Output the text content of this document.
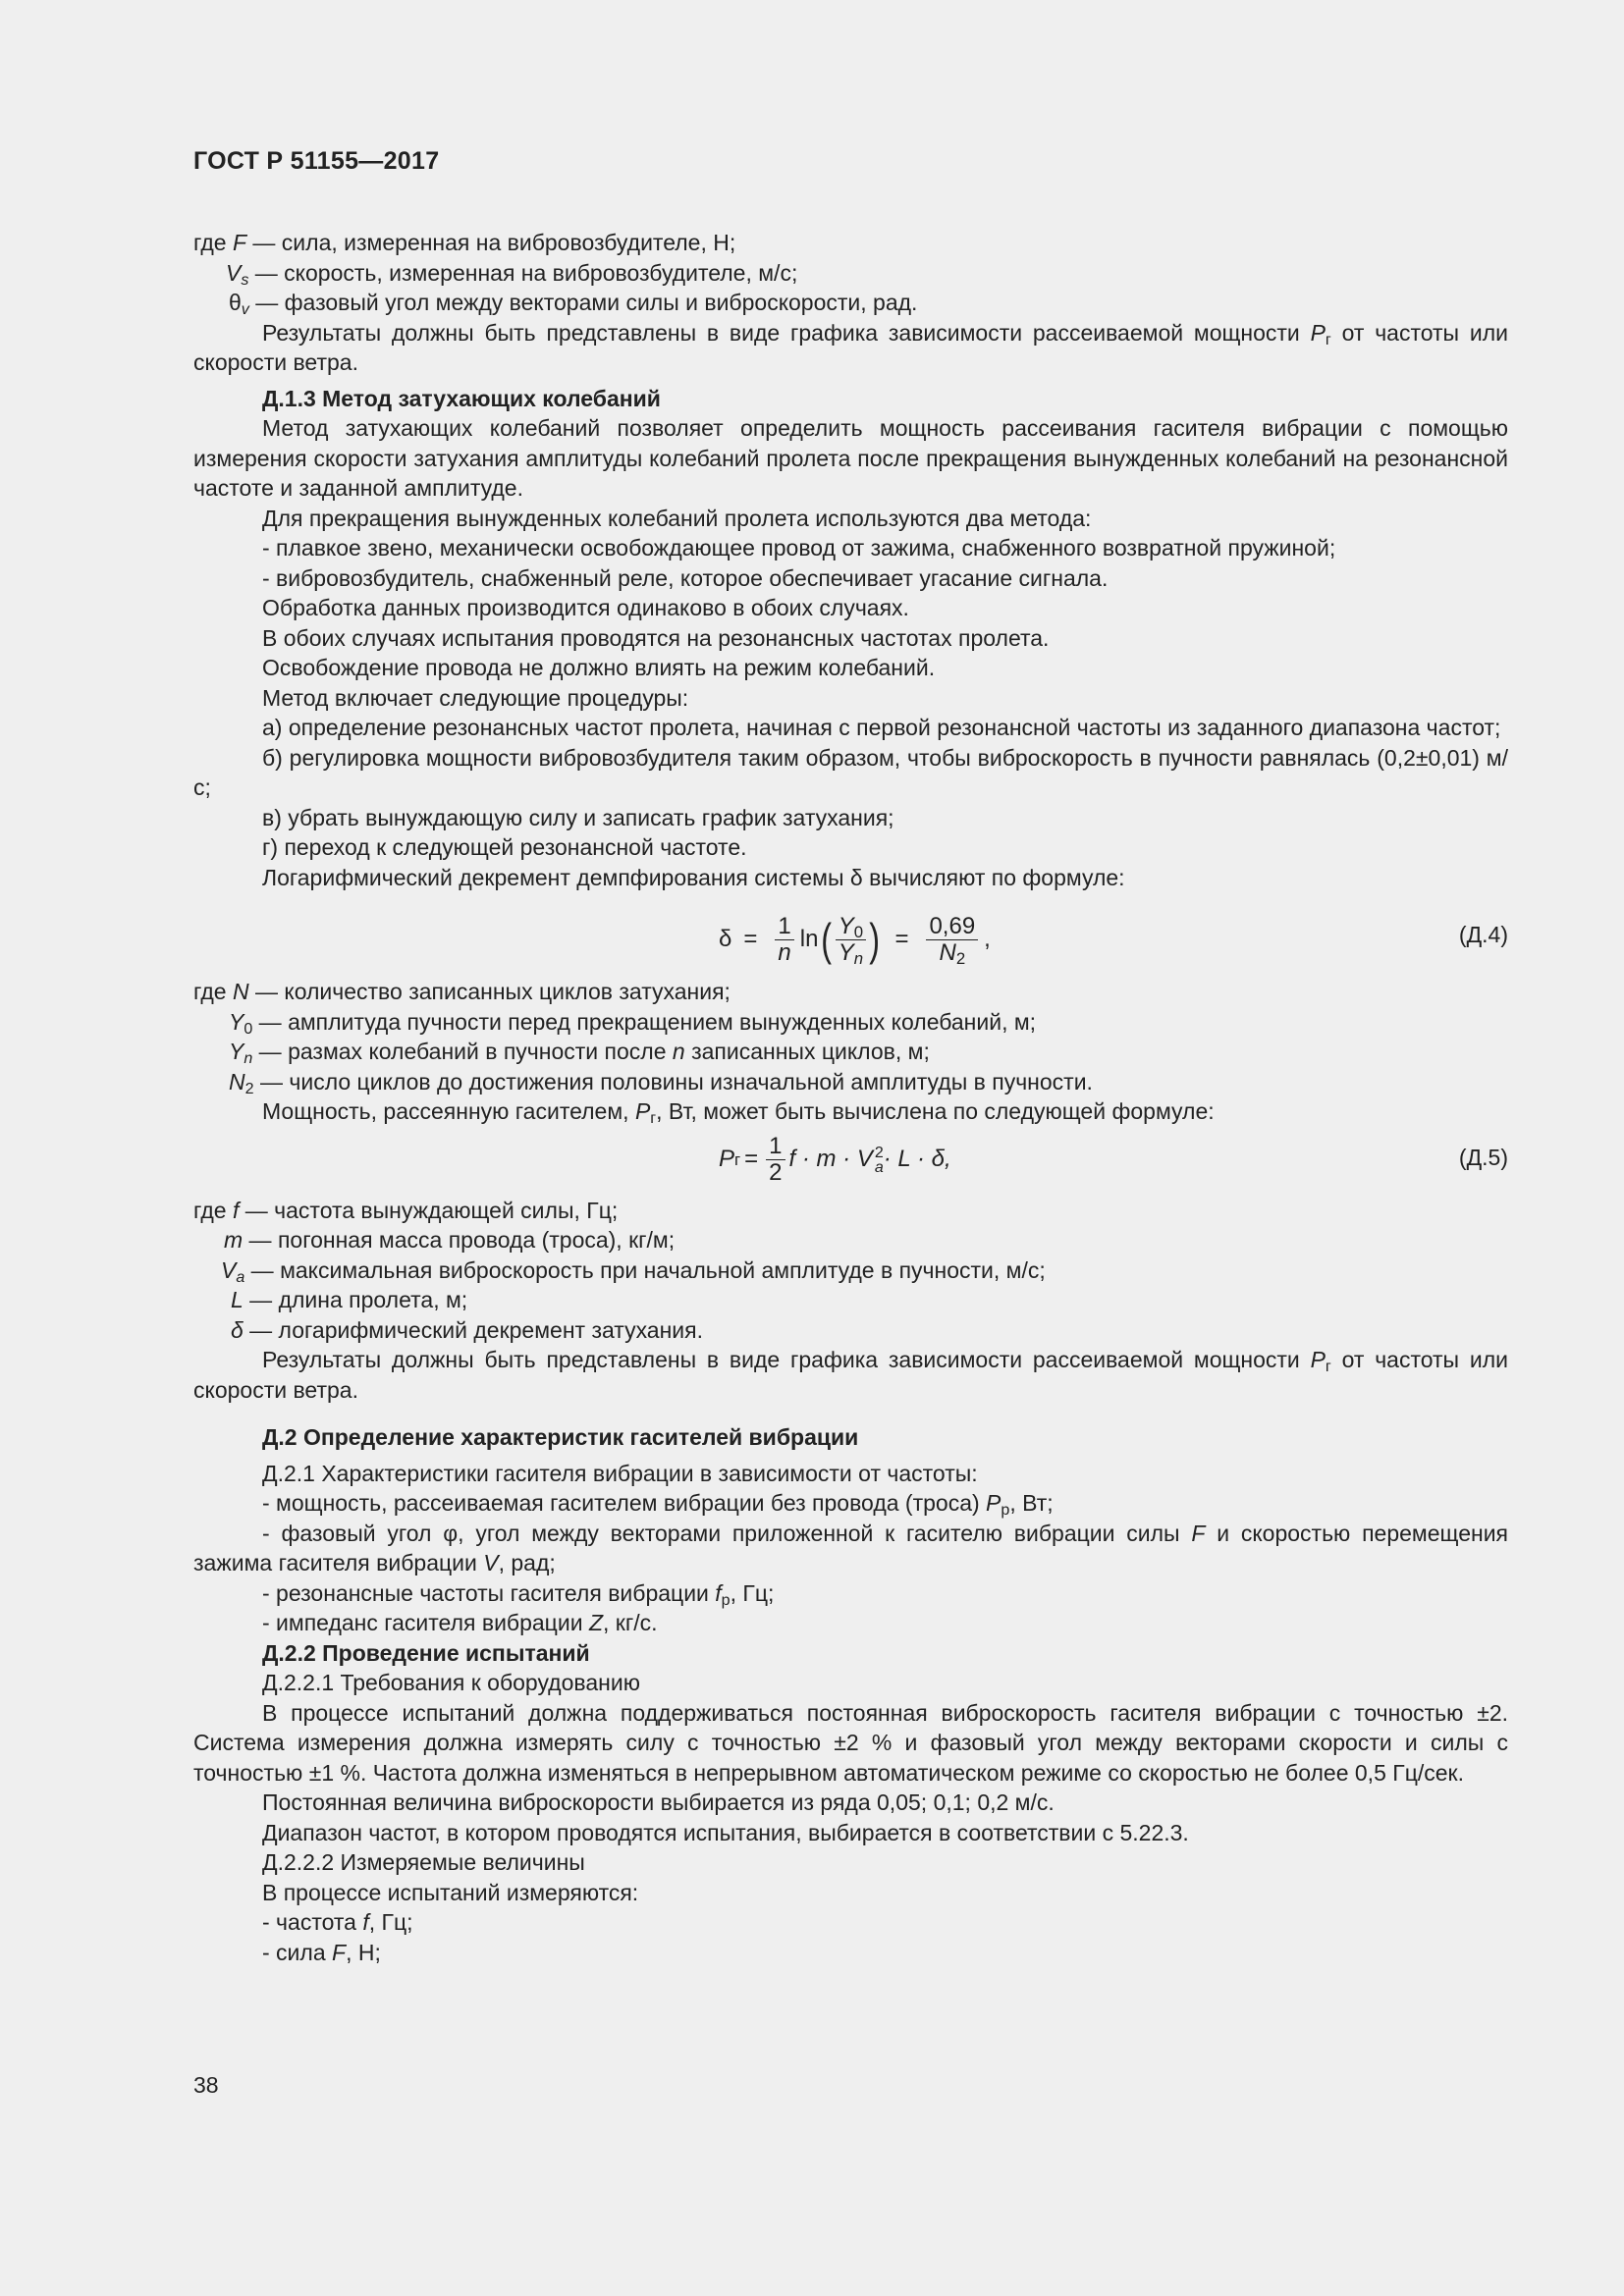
ГОСТ Р 51155—2017
где F — сила, измеренная на вибровозбудителе, Н;
$V_s$ — скорость, измеренная на вибровозбудителе, м/с;
$\theta_v$ — фазовый угол между векторами силы и виброскорости, рад.
Результаты должны быть представлены в виде графика зависимости рассеиваемой мощности $P_г$ от частоты или скорости ветра.
Д.1.3 Метод затухающих колебаний
Метод затухающих колебаний позволяет определить мощность рассеивания гасителя вибрации с помощью измерения скорости затухания амплитуды колебаний пролета после прекращения вынужденных колебаний на резонансной частоте и заданной амплитуде.
Для прекращения вынужденных колебаний пролета используются два метода:
- плавкое звено, механически освобождающее провод от зажима, снабженного возвратной пружиной;
- вибровозбудитель, снабженный реле, которое обеспечивает угасание сигнала.
Обработка данных производится одинаково в обоих случаях.
В обоих случаях испытания проводятся на резонансных частотах пролета.
Освобождение провода не должно влиять на режим колебаний.
Метод включает следующие процедуры:
а) определение резонансных частот пролета, начиная с первой резонансной частоты из заданного диапазона частот;
б) регулировка мощности вибровозбудителя таким образом, чтобы виброскорость в пучности равнялась (0,2±0,01) м/с;
в) убрать вынуждающую силу и записать график затухания;
г) переход к следующей резонансной частоте.
Логарифмический декремент демпфирования системы δ вычисляют по формуле:
$\delta = \frac{1}{n}$ ln ( $\frac{Y_0}{Y_n}$ ) = $\frac{0,69}{N_2}$ ,	(Д.4)
где N — количество записанных циклов затухания;
$Y_0$ — амплитуда пучности перед прекращением вынужденных колебаний, м;
$Y_n$ — размах колебаний в пучности после n записанных циклов, м;
$N_2$ — число циклов до достижения половины изначальной амплитуды в пучности.
Мощность, рассеянную гасителем, $P_г$, Вт, может быть вычислена по следующей формуле:
P $г = \frac{1}{2}$ f · m · V 2
a · L · δ,	(Д.5)
где f — частота вынуждающей силы, Гц;
m — погонная масса провода (троса), кг/м;
$V_a$ — максимальная виброскорость при начальной амплитуде в пучности, м/с;
L — длина пролета, м;
δ — логарифмический декремент затухания.
Результаты должны быть представлены в виде графика зависимости рассеиваемой мощности $P_г$ от частоты или скорости ветра.
Д.2 Определение характеристик гасителей вибрации
Д.2.1 Характеристики гасителя вибрации в зависимости от частоты:
- мощность, рассеиваемая гасителем вибрации без провода (троса) $P_р$, Вт;
- фазовый угол φ, угол между векторами приложенной к гасителю вибрации силы F и скоростью перемещения зажима гасителя вибрации V, рад;
- резонансные частоты гасителя вибрации $f_р$, Гц;
- импеданс гасителя вибрации Z, кг/с.
Д.2.2 Проведение испытаний
Д.2.2.1 Требования к оборудованию
В процессе испытаний должна поддерживаться постоянная виброскорость гасителя вибрации с точностью ±2. Система измерения должна измерять силу с точностью ±2 % и фазовый угол между векторами скорости и силы с точностью ±1 %. Частота должна изменяться в непрерывном автоматическом режиме со скоростью не более 0,5 Гц/сек.
Постоянная величина виброскорости выбирается из ряда 0,05; 0,1; 0,2 м/с.
Диапазон частот, в котором проводятся испытания, выбирается в соответствии с 5.22.3.
Д.2.2.2 Измеряемые величины
В процессе испытаний измеряются:
- частота f, Гц;
- сила F, Н;
38
